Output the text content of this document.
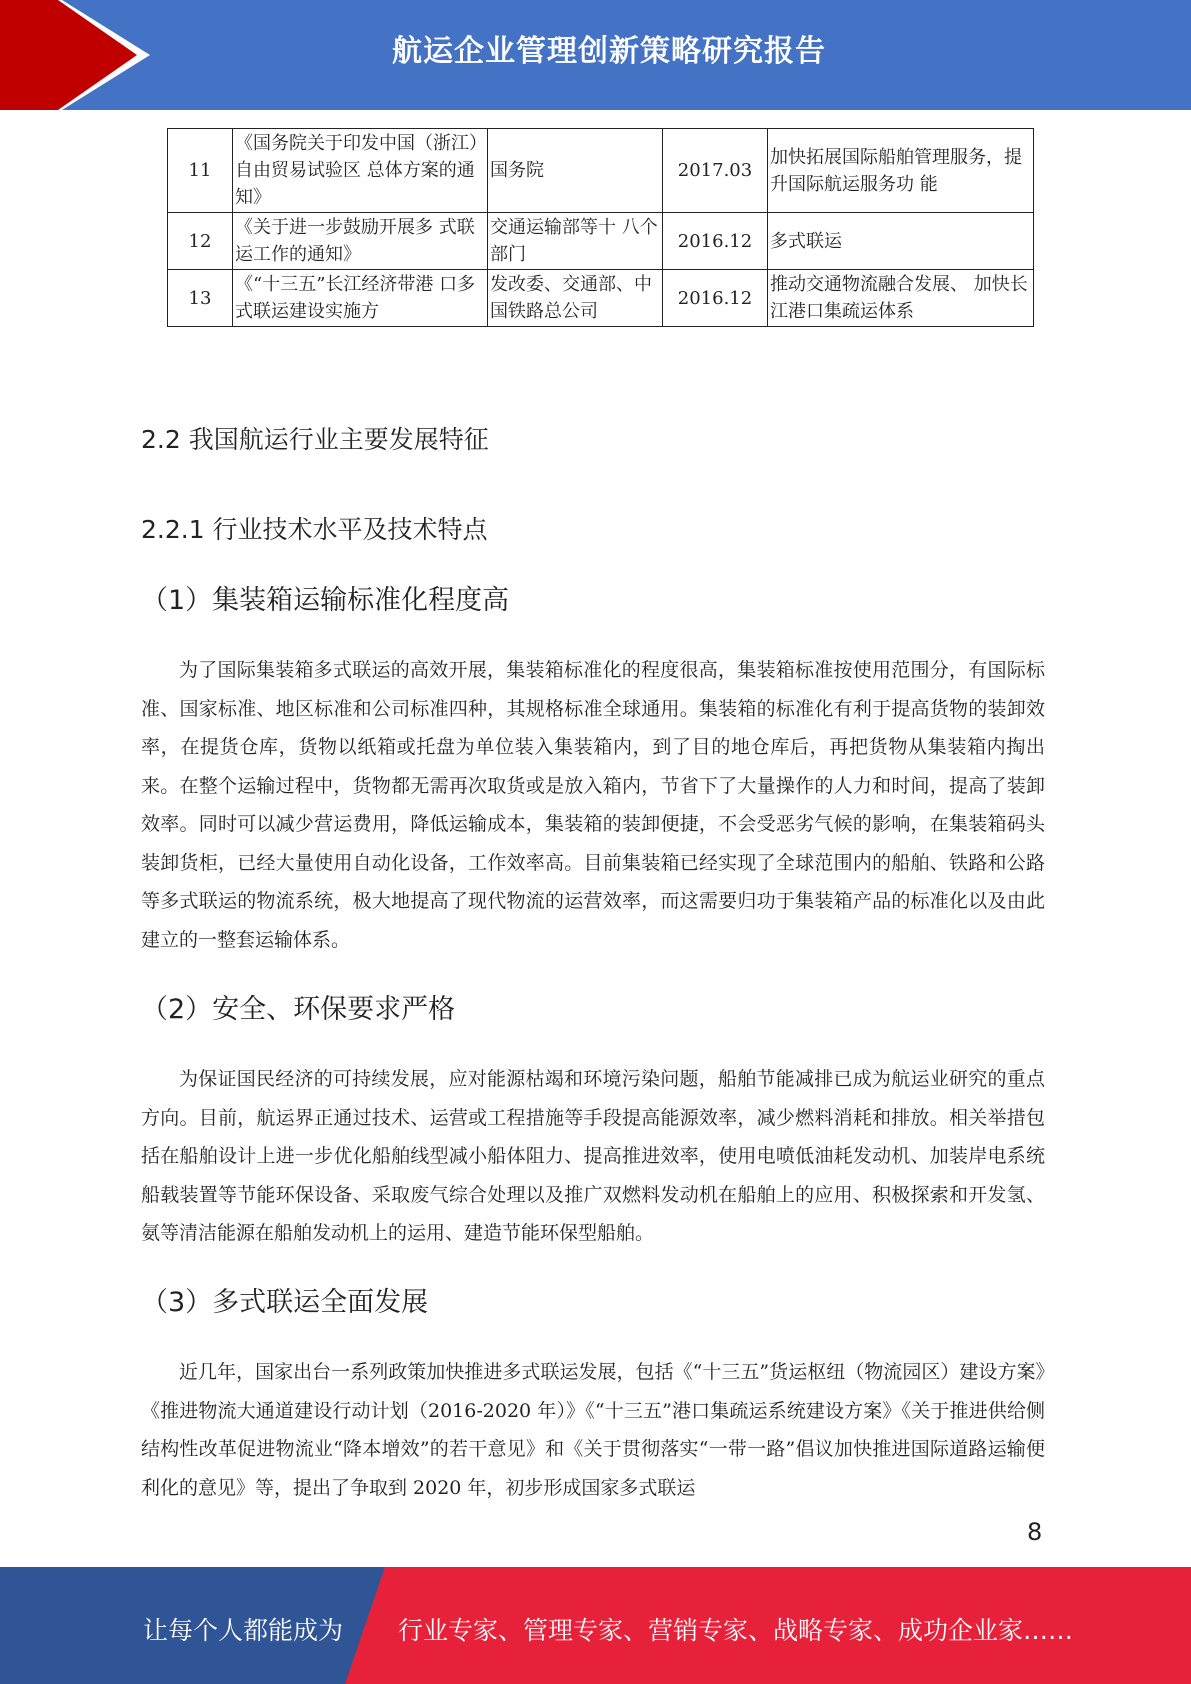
航运企业管理创新策略研究报告
11	《国务院关于印发中国（浙江）自由贸易试验区 总体方案的通知》	国务院	2017.03	加快拓展国际船舶管理服务，提升国际航运服务功 能
12	《关于进一步鼓励开展多 式联运工作的通知》	交通运输部等十 八个部门	2016.12	多式联运
13	《“十三五”长江经济带港 口多式联运建设实施方	发改委、交通部、中国铁路总公司	2016.12	推动交通物流融合发展、 加快长江港口集疏运体系
2.2 我国航运行业主要发展特征
2.2.1 行业技术水平及技术特点
（1）集装箱运输标准化程度高

为了国际集装箱多式联运的高效开展，集装箱标准化的程度很高，集装箱标准按使用范围分，有国际标准、国家标准、地区标准和公司标准四种，其规格标准全球通用。集装箱的标准化有利于提高货物的装卸效率，在提货仓库，货物以纸箱或托盘为单位装入集装箱内，到了目的地仓库后，再把货物从集装箱内掏出来。在整个运输过程中，货物都无需再次取货或是放入箱内，节省下了大量操作的人力和时间，提高了装卸效率。同时可以减少营运费用，降低运输成本，集装箱的装卸便捷，不会受恶劣气候的影响，在集装箱码头装卸货柜，已经大量使用自动化设备，工作效率高。目前集装箱已经实现了全球范围内的船舶、铁路和公路等多式联运的物流系统，极大地提高了现代物流的运营效率，而这需要归功于集装箱产品的标准化以及由此建立的一整套运输体系。

（2）安全、环保要求严格

为保证国民经济的可持续发展，应对能源枯竭和环境污染问题，船舶节能减排已成为航运业研究的重点方向。目前，航运界正通过技术、运营或工程措施等手段提高能源效率，减少燃料消耗和排放。相关举措包括在船舶设计上进一步优化船舶线型减小船体阻力、提高推进效率，使用电喷低油耗发动机、加装岸电系统船载装置等节能环保设备、采取废气综合处理以及推广双燃料发动机在船舶上的应用、积极探索和开发氢、氨等清洁能源在船舶发动机上的运用、建造节能环保型船舶。

（3）多式联运全面发展

近几年，国家出台一系列政策加快推进多式联运发展，包括《“十三五”货运枢纽（物流园区）建设方案》《推进物流大通道建设行动计划（2016-2020 年）》《“十三五”港口集疏运系统建设方案》《关于推进供给侧结构性改革促进物流业“降本增效”的若干意见》和《关于贯彻落实“一带一路”倡议加快推进国际道路运输便利化的意见》等，提出了争取到 2020 年，初步形成国家多式联运

8
让每个人都能成为 行业专家、管理专家、营销专家、战略专家、成功企业家……
